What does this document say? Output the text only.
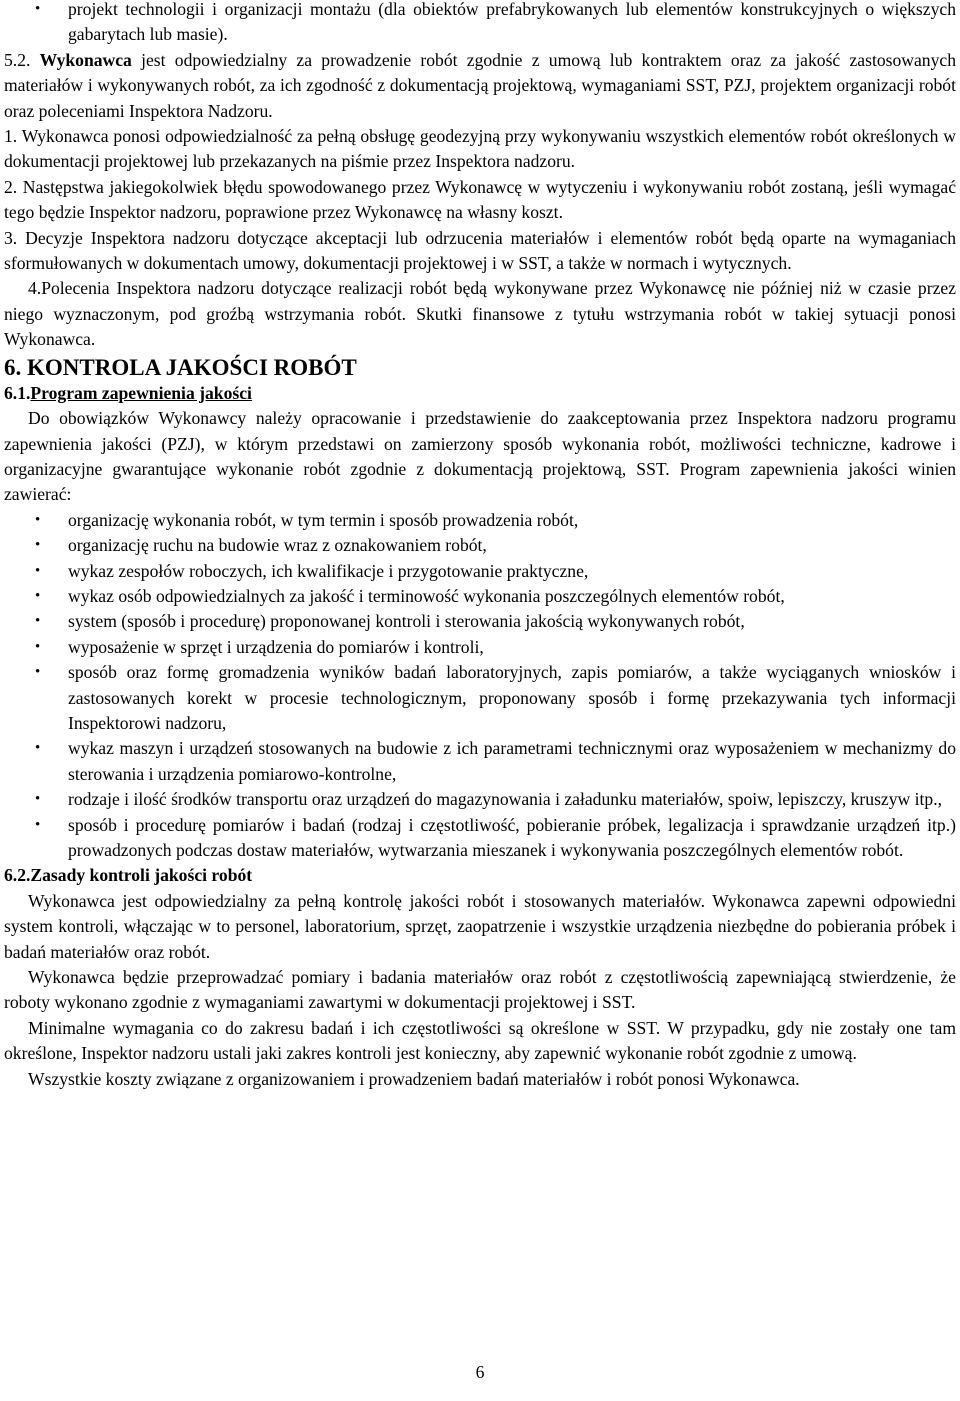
• projekt technologii i organizacji montażu (dla obiektów prefabrykowanych lub elementów konstrukcyjnych o większych gabarytach lub masie).

5.2. Wykonawca jest odpowiedzialny za prowadzenie robót zgodnie z umową lub kontraktem oraz za jakość zastosowanych materiałów i wykonywanych robót, za ich zgodność z dokumentacją projektową, wymaganiami SST, PZJ, projektem organizacji robót oraz poleceniami Inspektora Nadzoru.

1. Wykonawca ponosi odpowiedzialność za pełną obsługę geodezyjną przy wykonywaniu wszystkich elementów robót określonych w dokumentacji projektowej lub przekazanych na piśmie przez Inspektora nadzoru.

2. Następstwa jakiegokolwiek błędu spowodowanego przez Wykonawcę w wytyczeniu i wykonywaniu robót zostaną, jeśli wymagać tego będzie Inspektor nadzoru, poprawione przez Wykonawcę na własny koszt.

3. Decyzje Inspektora nadzoru dotyczące akceptacji lub odrzucenia materiałów i elementów robót będą oparte na wymaganiach sformułowanych w dokumentach umowy, dokumentacji projektowej i w SST, a także w normach i wytycznych.

4.Polecenia Inspektora nadzoru dotyczące realizacji robót będą wykonywane przez Wykonawcę nie później niż w czasie przez niego wyznaczonym, pod groźbą wstrzymania robót. Skutki finansowe z tytułu wstrzymania robót w takiej sytuacji ponosi Wykonawca.

6. KONTROLA JAKOŚCI ROBÓT

6.1.Program zapewnienia jakości

Do obowiązków Wykonawcy należy opracowanie i przedstawienie do zaakceptowania przez Inspektora nadzoru programu zapewnienia jakości (PZJ), w którym przedstawi on zamierzony sposób wykonania robót, możliwości techniczne, kadrowe i organizacyjne gwarantujące wykonanie robót zgodnie z dokumentacją projektową, SST. Program zapewnienia jakości winien zawierać:

• organizację wykonania robót, w tym termin i sposób prowadzenia robót,

• organizację ruchu na budowie wraz z oznakowaniem robót,

• wykaz zespołów roboczych, ich kwalifikacje i przygotowanie praktyczne,

• wykaz osób odpowiedzialnych za jakość i terminowość wykonania poszczególnych elementów robót,

• system (sposób i procedurę) proponowanej kontroli i sterowania jakością wykonywanych robót,

• wyposażenie w sprzęt i urządzenia do pomiarów i kontroli,

• sposób oraz formę gromadzenia wyników badań laboratoryjnych, zapis pomiarów, a także wyciąganych wniosków i zastosowanych korekt w procesie technologicznym, proponowany sposób i formę przekazywania tych informacji Inspektorowi nadzoru,

• wykaz maszyn i urządzeń stosowanych na budowie z ich parametrami technicznymi oraz wyposażeniem w mechanizmy do sterowania i urządzenia pomiarowo-kontrolne,

• rodzaje i ilość środków transportu oraz urządzeń do magazynowania i załadunku materiałów, spoiw, lepiszczy, kruszyw itp.,

• sposób i procedurę pomiarów i badań (rodzaj i częstotliwość, pobieranie próbek, legalizacja i sprawdzanie urządzeń itp.) prowadzonych podczas dostaw materiałów, wytwarzania mieszanek i wykonywania poszczególnych elementów robót.

6.2.Zasady kontroli jakości robót

Wykonawca jest odpowiedzialny za pełną kontrolę jakości robót i stosowanych materiałów. Wykonawca zapewni odpowiedni system kontroli, włączając w to personel, laboratorium, sprzęt, zaopatrzenie i wszystkie urządzenia niezbędne do pobierania próbek i badań materiałów oraz robót.

Wykonawca będzie przeprowadzać pomiary i badania materiałów oraz robót z częstotliwością zapewniającą stwierdzenie, że roboty wykonano zgodnie z wymaganiami zawartymi w dokumentacji projektowej i SST.

Minimalne wymagania co do zakresu badań i ich częstotliwości są określone w SST. W przypadku, gdy nie zostały one tam określone, Inspektor nadzoru ustali jaki zakres kontroli jest konieczny, aby zapewnić wykonanie robót zgodnie z umową.

Wszystkie koszty związane z organizowaniem i prowadzeniem badań materiałów i robót ponosi Wykonawca.

6
